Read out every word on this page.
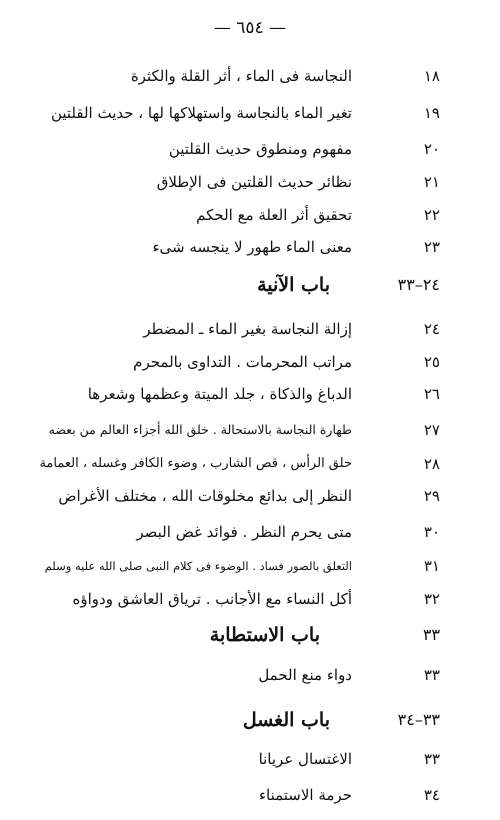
— ٦٥٤ —
١٨
النجاسة فى الماء ، أثر القلة والكثرة
١٩
تغير الماء بالنجاسة واستهلاكها لها ، حديث القلتين
٢٠
مفهوم ومنطوق حديث القلتين
٢١
نظائر حديث القلتين فى الإطلاق
٢٢
تحقيق أثر العلة مع الحكم
٢٣
معنى الماء طهور لا ينجسه شىء
٢٤–٣٣
باب الآنية
٢٤
إزالة النجاسة بغير الماء ـ المضطر
٢٥
مراتب المحرمات . التداوى بالمحرم
٢٦
الدباغ والذكاة ، جلد الميتة وعظمها وشعرها
٢٧
طهارة النجاسة بالاستحالة . خلق الله أجزاء العالم من بعضه
٢٨
حلق الرأس ، قص الشارب ، وضوء الكافر وغسله ، العمامة
٢٩
النظر إلى بدائع مخلوقات الله ، مختلف الأغراض
٣٠
متى يحرم النظر . فوائد غض البصر
٣١
التعلق بالصور فساد . الوضوء فى كلام النبى صلى الله عليه وسلم
٣٢
أكل النساء مع الأجانب . ترياق العاشق ودواؤه
٣٣
باب الاستطابة
٣٣
دواء منع الحمل
٣٣–٣٤
باب الغسل
٣٣
الاغتسال عريانا
٣٤
حرمة الاستمناء
